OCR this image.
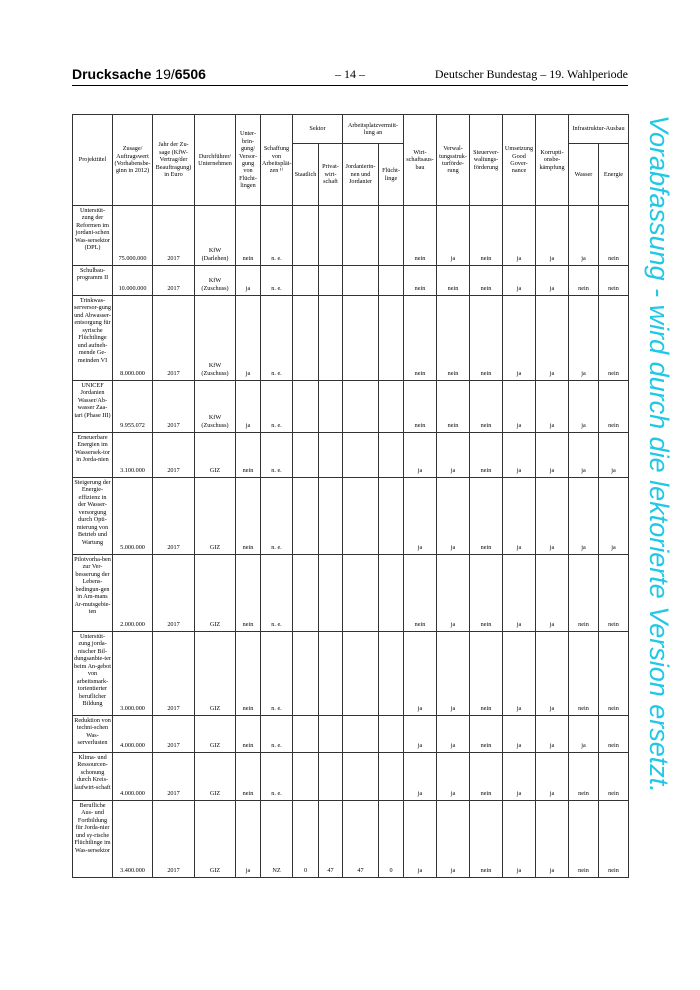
Drucksache 19/6506	– 14 –	Deutscher Bundestag – 19. Wahlperiode
Vorabfassung - wird durch die lektorierte Version ersetzt.
Projekttitel	Zusage/ Auftragswert (Vorhabensbe-ginn in 2012)	Jahr der Zu-sage (KfW-Vertrag/der Beauftragung) in Euro	Durchführer/ Unternehmen	Unter-brin-gung/ Versor-gung von Flücht-lingen	Schaffung von Arbeitsplät-zen ¹⁾	Sektor		Arbeitsplatzvermitt-lung an		Wirt-schaftsaus-bau	Verwal-tungsstruk-turförde-rung	Steuerver-waltungs-förderung	Umsetzung Good Gover-nance	Korrupti-onsbe-kämpfung	Infrastruktur-Ausbau	
						Staatlich	Privat-wirt-schaft	Jordanierin-nen und Jordanier	Flücht-linge						Wasser	Energie
Unterstüt-zung der Reformen im jordani-schen Was-sersektor (DPL)	75.000.000	2017	KfW (Darlehen)	nein	n. e.					nein	ja	nein	ja	ja	ja	nein
Schulbau-programm II	10.000.000	2017	KfW (Zuschuss)	ja	n. e.					nein	nein	nein	ja	ja	nein	nein
Trinkwas-serversor-gung und Abwasser-entsorgung für syrische Flüchtlinge und aufneh-mende Ge-meinden VI	8.000.000	2017	KfW (Zuschuss)	ja	n. e.					nein	nein	nein	ja	ja	ja	nein
UNICEF Jordanien Wasser/Ab-wasser Zaa-tari (Phase III)	9.955.072	2017	KfW (Zuschuss)	ja	n. e.					nein	nein	nein	ja	ja	ja	nein
Erneuerbare Energien im Wassersek-tor in Jorda-nien	3.100.000	2017	GIZ	nein	n. e.					ja	ja	nein	ja	ja	ja	ja
Steigerung der Energie-effizienz in der Wasser-versorgung durch Opti-mierung von Betrieb und Wartung	5.000.000	2017	GIZ	nein	n. e.					ja	ja	nein	ja	ja	ja	ja
Pilotvorha-ben zur Ver-besserung der Lebens-bedingun-gen in Am-mans Ar-mutsgebie-ten	2.000.000	2017	GIZ	nein	n. e.					nein	ja	nein	ja	ja	nein	nein
Unterstüt-zung jorda-nischer Bil-dungsanbie-ter beim An-gebot von arbeitsmark-torientierter beruflicher Bildung	3.000.000	2017	GIZ	nein	n. e.					ja	ja	nein	ja	ja	nein	nein
Reduktion von techni-schen Was-serverlusten	4.000.000	2017	GIZ	nein	n. e.					ja	ja	nein	ja	ja	ja	nein
Klima- und Ressourcen-schonung durch Kreis-laufwirt-schaft	4.000.000	2017	GIZ	nein	n. e.					ja	ja	nein	ja	ja	nein	nein
Berufliche Aus- und Fortbildung für Jorda-nier und sy-rische Flüchtlinge im Was-sersektor	3.400.000	2017	GIZ	ja	NZ	0	47	47	0	ja	ja	nein	ja	ja	nein	nein
